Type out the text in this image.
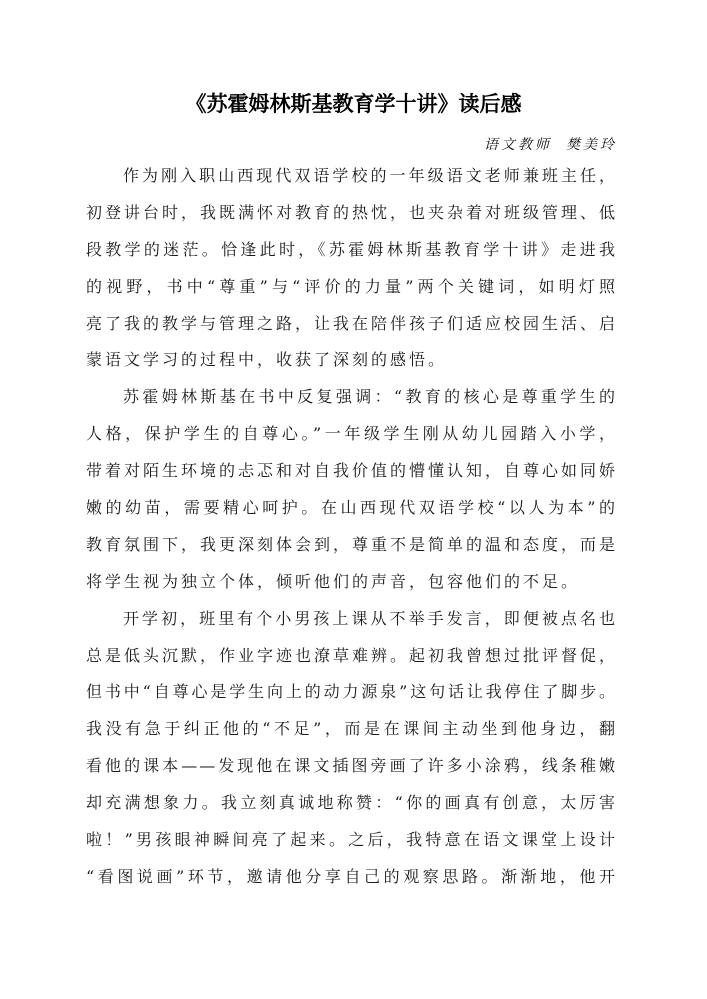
《苏霍姆林斯基教育学十讲》读后感
语文教师 樊美玲
作为刚入职山西现代双语学校的一年级语文老师兼班主任，
初登讲台时，我既满怀对教育的热忱，也夹杂着对班级管理、低
段教学的迷茫。恰逢此时，《苏霍姆林斯基教育学十讲》走进我
的视野，书中“尊重”与“评价的力量”两个关键词，如明灯照
亮了我的教学与管理之路，让我在陪伴孩子们适应校园生活、启
蒙语文学习的过程中，收获了深刻的感悟。
苏霍姆林斯基在书中反复强调：“教育的核心是尊重学生的
人格，保护学生的自尊心。”一年级学生刚从幼儿园踏入小学，
带着对陌生环境的忐忑和对自我价值的懵懂认知，自尊心如同娇
嫩的幼苗，需要精心呵护。在山西现代双语学校“以人为本”的
教育氛围下，我更深刻体会到，尊重不是简单的温和态度，而是
将学生视为独立个体，倾听他们的声音，包容他们的不足。
开学初，班里有个小男孩上课从不举手发言，即便被点名也
总是低头沉默，作业字迹也潦草难辨。起初我曾想过批评督促，
但书中“自尊心是学生向上的动力源泉”这句话让我停住了脚步。
我没有急于纠正他的“不足”，而是在课间主动坐到他身边，翻
看他的课本——发现他在课文插图旁画了许多小涂鸦，线条稚嫩
却充满想象力。我立刻真诚地称赞：“你的画真有创意，太厉害
啦！”男孩眼神瞬间亮了起来。之后，我特意在语文课堂上设计
“看图说画”环节，邀请他分享自己的观察思路。渐渐地，他开
